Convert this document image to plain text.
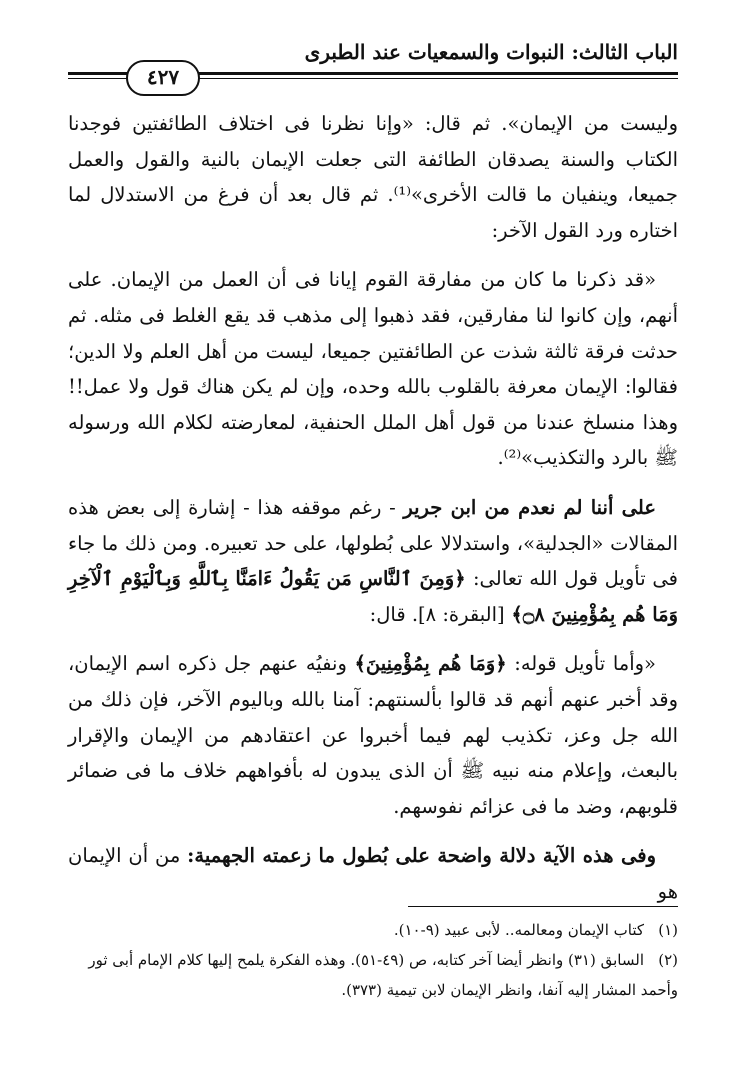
الباب الثالث: النبوات والسمعيات عند الطبرى
٤٢٧

وليست من الإيمان». ثم قال: «وإنا نظرنا فى اختلاف الطائفتين فوجدنا الكتاب والسنة يصدقان الطائفة التى جعلت الإيمان بالنية والقول والعمل جميعا، وينفيان ما قالت الأخرى»⁽¹⁾. ثم قال بعد أن فرغ من الاستدلال لما اختاره ورد القول الآخر:

«قد ذكرنا ما كان من مفارقة القوم إيانا فى أن العمل من الإيمان. على أنهم، وإن كانوا لنا مفارقين، فقد ذهبوا إلى مذهب قد يقع الغلط فى مثله. ثم حدثت فرقة ثالثة شذت عن الطائفتين جميعا، ليست من أهل العلم ولا الدين؛ فقالوا: الإيمان معرفة بالقلوب بالله وحده، وإن لم يكن هناك قول ولا عمل!! وهذا منسلخ عندنا من قول أهل الملل الحنفية، لمعارضته لكلام الله ورسوله ﷺ بالرد والتكذيب»⁽²⁾.

على أننا لم نعدم من ابن جرير - رغم موقفه هذا - إشارة إلى بعض هذه المقالات «الجدلية»، واستدلالا على بُطولها، على حد تعبيره. ومن ذلك ما جاء فى تأويل قول الله تعالى: ﴿وَمِنَ ٱلنَّاسِ مَن يَقُولُ ءَامَنَّا بِٱللَّهِ وَبِٱلْيَوْمِ ٱلْآخِرِ وَمَا هُم بِمُؤْمِنِينَ ۝٨﴾ [البقرة: ٨]. قال:

«وأما تأويل قوله: ﴿وَمَا هُم بِمُؤْمِنِينَ﴾ ونفيُه عنهم جل ذكره اسم الإيمان، وقد أخبر عنهم أنهم قد قالوا بألسنتهم: آمنا بالله وباليوم الآخر، فإن ذلك من الله جل وعز، تكذيب لهم فيما أخبروا عن اعتقادهم من الإيمان والإقرار بالبعث، وإعلام منه نبيه ﷺ أن الذى يبدون له بأفواههم خلاف ما فى ضمائر قلوبهم، وضد ما فى عزائم نفوسهم.

وفى هذه الآية دلالة واضحة على بُطول ما زعمته الجهمية: من أن الإيمان هو

(١)كتاب الإيمان ومعالمه.. لأبى عبيد (٩-١٠).

(٢)السابق (٣١) وانظر أيضا آخر كتابه، ص (٤٩-٥١). وهذه الفكرة يلمح إليها كلام الإمام أبى ثور وأحمد المشار إليه آنفا، وانظر الإيمان لابن تيمية (٣٧٣).
